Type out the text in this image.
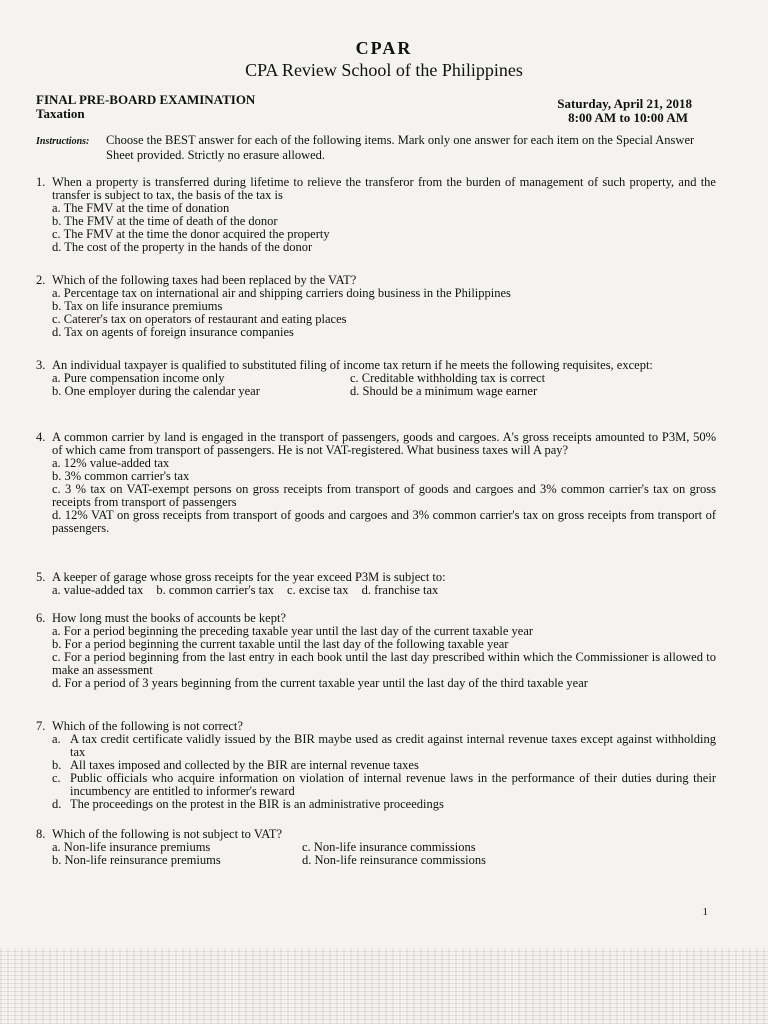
CPAR
CPA Review School of the Philippines
FINAL PRE-BOARD EXAMINATION
Taxation
Saturday, April 21, 2018
8:00 AM to 10:00 AM
Instructions: Choose the BEST answer for each of the following items. Mark only one answer for each item on the Special Answer Sheet provided. Strictly no erasure allowed.
1. When a property is transferred during lifetime to relieve the transferor from the burden of management of such property, and the transfer is subject to tax, the basis of the tax is
a. The FMV at the time of donation
b. The FMV at the time of death of the donor
c. The FMV at the time the donor acquired the property
d. The cost of the property in the hands of the donor
2. Which of the following taxes had been replaced by the VAT?
a. Percentage tax on international air and shipping carriers doing business in the Philippines
b. Tax on life insurance premiums
c. Caterer's tax on operators of restaurant and eating places
d. Tax on agents of foreign insurance companies
3. An individual taxpayer is qualified to substituted filing of income tax return if he meets the following requisites, except:
a. Pure compensation income only	c. Creditable withholding tax is correct
b. One employer during the calendar year	d. Should be a minimum wage earner
4. A common carrier by land is engaged in the transport of passengers, goods and cargoes. A's gross receipts amounted to P3M, 50% of which came from transport of passengers. He is not VAT-registered. What business taxes will A pay?
a. 12% value-added tax
b. 3% common carrier's tax
c. 3 % tax on VAT-exempt persons on gross receipts from transport of goods and cargoes and 3% common carrier's tax on gross receipts from transport of passengers
d. 12% VAT on gross receipts from transport of goods and cargoes and 3% common carrier's tax on gross receipts from transport of passengers.
5. A keeper of garage whose gross receipts for the year exceed P3M is subject to:
a. value-added tax b. common carrier's tax c. excise tax d. franchise tax
6. How long must the books of accounts be kept?
a. For a period beginning the preceding taxable year until the last day of the current taxable year
b. For a period beginning the current taxable until the last day of the following taxable year
c. For a period beginning from the last entry in each book until the last day prescribed within which the Commissioner is allowed to make an assessment
d. For a period of 3 years beginning from the current taxable year until the last day of the third taxable year
7. Which of the following is not correct?
a. A tax credit certificate validly issued by the BIR maybe used as credit against internal revenue taxes except against withholding tax
b. All taxes imposed and collected by the BIR are internal revenue taxes
c. Public officials who acquire information on violation of internal revenue laws in the performance of their duties during their incumbency are entitled to informer's reward
d. The proceedings on the protest in the BIR is an administrative proceedings
8. Which of the following is not subject to VAT?
a. Non-life insurance premiums	c. Non-life insurance commissions
b. Non-life reinsurance premiums	d. Non-life reinsurance commissions
1
